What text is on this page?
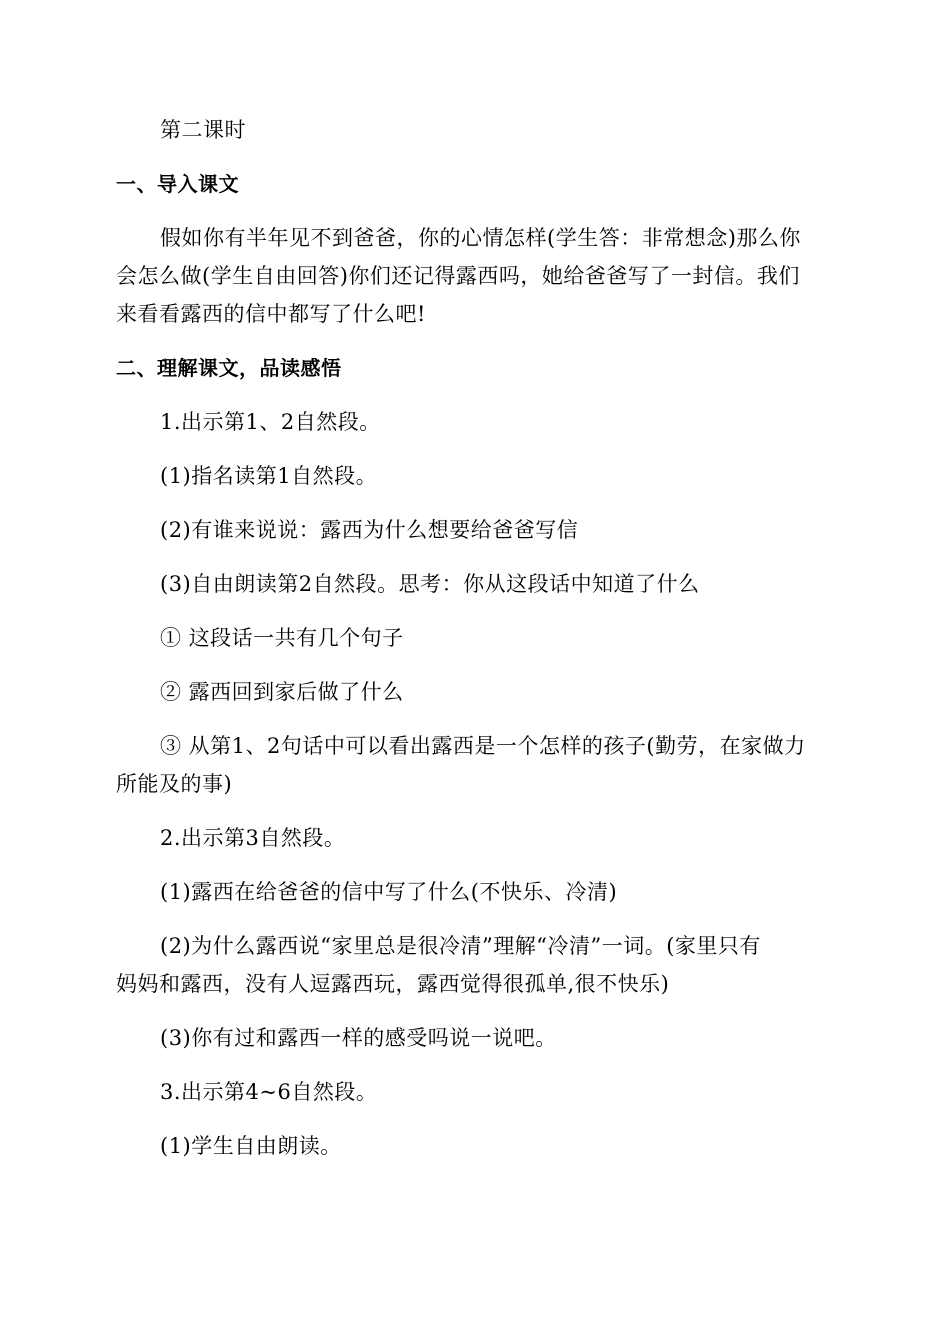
第二课时
一、导入课文
假如你有半年见不到爸爸，你的心情怎样(学生答：非常想念)那么你
会怎么做(学生自由回答)你们还记得露西吗，她给爸爸写了一封信。我们
来看看露西的信中都写了什么吧!
二、理解课文，品读感悟
1.出示第1、2自然段。
(1)指名读第1自然段。
(2)有谁来说说：露西为什么想要给爸爸写信
(3)自由朗读第2自然段。思考：你从这段话中知道了什么
① 这段话一共有几个句子
② 露西回到家后做了什么
③ 从第1、2句话中可以看出露西是一个怎样的孩子(勤劳，在家做力
所能及的事)
2.出示第3自然段。
(1)露西在给爸爸的信中写了什么(不快乐、冷清)
(2)为什么露西说“家里总是很冷清”理解“冷清”一词。(家里只有
妈妈和露西，没有人逗露西玩，露西觉得很孤单,很不快乐)
(3)你有过和露西一样的感受吗说一说吧。
3.出示第4~6自然段。
(1)学生自由朗读。
